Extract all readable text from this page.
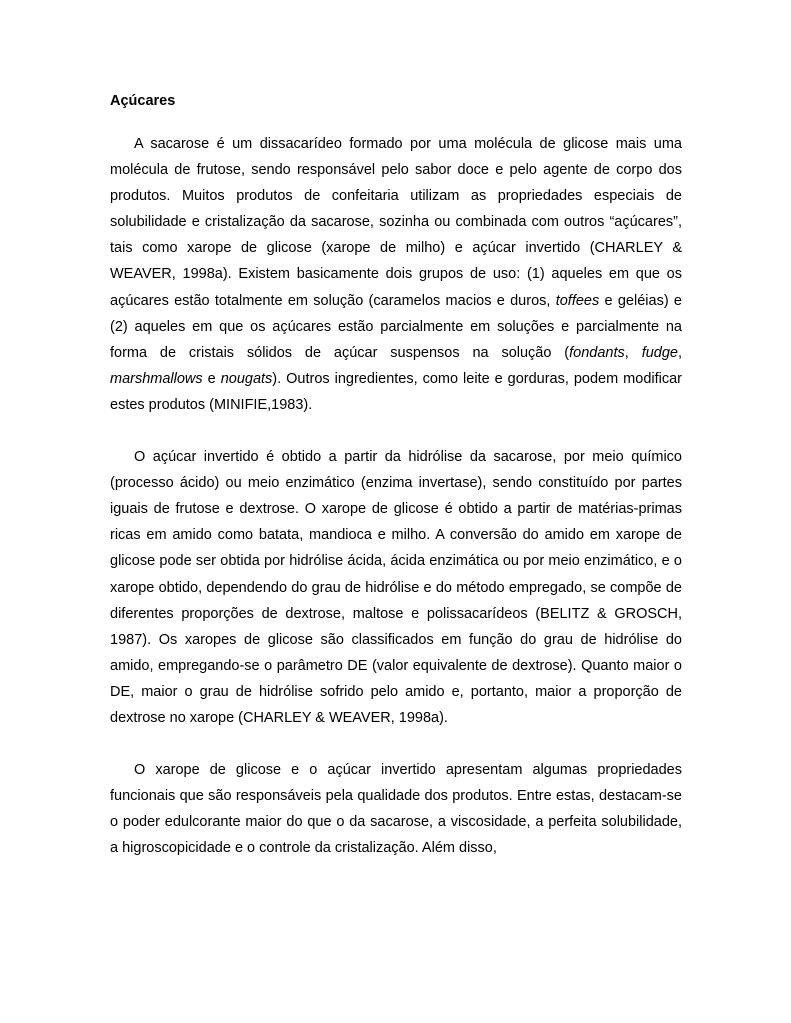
Açúcares

A sacarose é um dissacarídeo formado por uma molécula de glicose mais uma molécula de frutose, sendo responsável pelo sabor doce e pelo agente de corpo dos produtos. Muitos produtos de confeitaria utilizam as propriedades especiais de solubilidade e cristalização da sacarose, sozinha ou combinada com outros “açúcares”, tais como xarope de glicose (xarope de milho) e açúcar invertido (CHARLEY & WEAVER, 1998a). Existem basicamente dois grupos de uso: (1) aqueles em que os açúcares estão totalmente em solução (caramelos macios e duros, toffees e geléias) e (2) aqueles em que os açúcares estão parcialmente em soluções e parcialmente na forma de cristais sólidos de açúcar suspensos na solução (fondants, fudge, marshmallows e nougats). Outros ingredientes, como leite e gorduras, podem modificar estes produtos (MINIFIE,1983).

O açúcar invertido é obtido a partir da hidrólise da sacarose, por meio químico (processo ácido) ou meio enzimático (enzima invertase), sendo constituído por partes iguais de frutose e dextrose. O xarope de glicose é obtido a partir de matérias-primas ricas em amido como batata, mandioca e milho. A conversão do amido em xarope de glicose pode ser obtida por hidrólise ácida, ácida enzimática ou por meio enzimático, e o xarope obtido, dependendo do grau de hidrólise e do método empregado, se compõe de diferentes proporções de dextrose, maltose e polissacarídeos (BELITZ & GROSCH, 1987). Os xaropes de glicose são classificados em função do grau de hidrólise do amido, empregando-se o parâmetro DE (valor equivalente de dextrose). Quanto maior o DE, maior o grau de hidrólise sofrido pelo amido e, portanto, maior a proporção de dextrose no xarope (CHARLEY & WEAVER, 1998a).

O xarope de glicose e o açúcar invertido apresentam algumas propriedades funcionais que são responsáveis pela qualidade dos produtos. Entre estas, destacam-se o poder edulcorante maior do que o da sacarose, a viscosidade, a perfeita solubilidade, a higroscopicidade e o controle da cristalização. Além disso,
